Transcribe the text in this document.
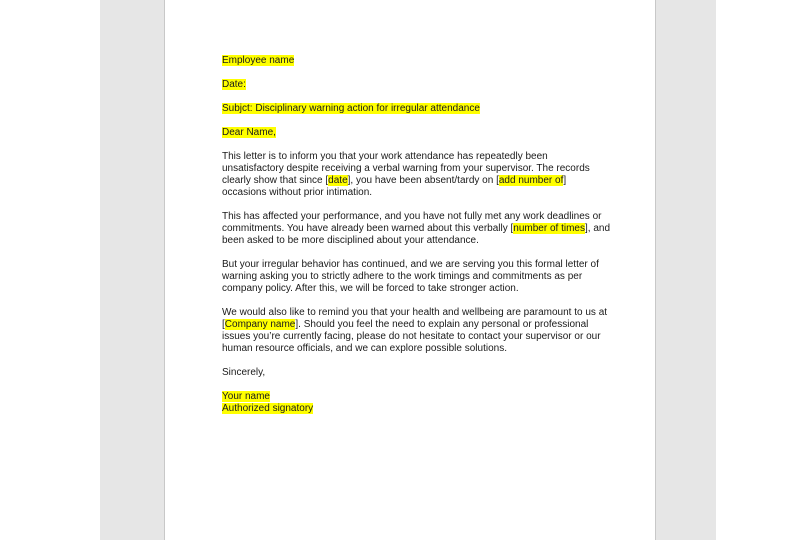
Employee name
Date:
Subjct: Disciplinary warning action for irregular attendance
Dear Name,
This letter is to inform you that your work attendance has repeatedly been
unsatisfactory despite receiving a verbal warning from your supervisor. The records
clearly show that since [date], you have been absent/tardy on [add number of]
occasions without prior intimation.
This has affected your performance, and you have not fully met any work deadlines or
commitments. You have already been warned about this verbally [number of times], and
been asked to be more disciplined about your attendance.
But your irregular behavior has continued, and we are serving you this formal letter of
warning asking you to strictly adhere to the work timings and commitments as per
company policy. After this, we will be forced to take stronger action.
We would also like to remind you that your health and wellbeing are paramount to us at
[Company name]. Should you feel the need to explain any personal or professional
issues you’re currently facing, please do not hesitate to contact your supervisor or our
human resource officials, and we can explore possible solutions.
Sincerely,
Your name
Authorized signatory
